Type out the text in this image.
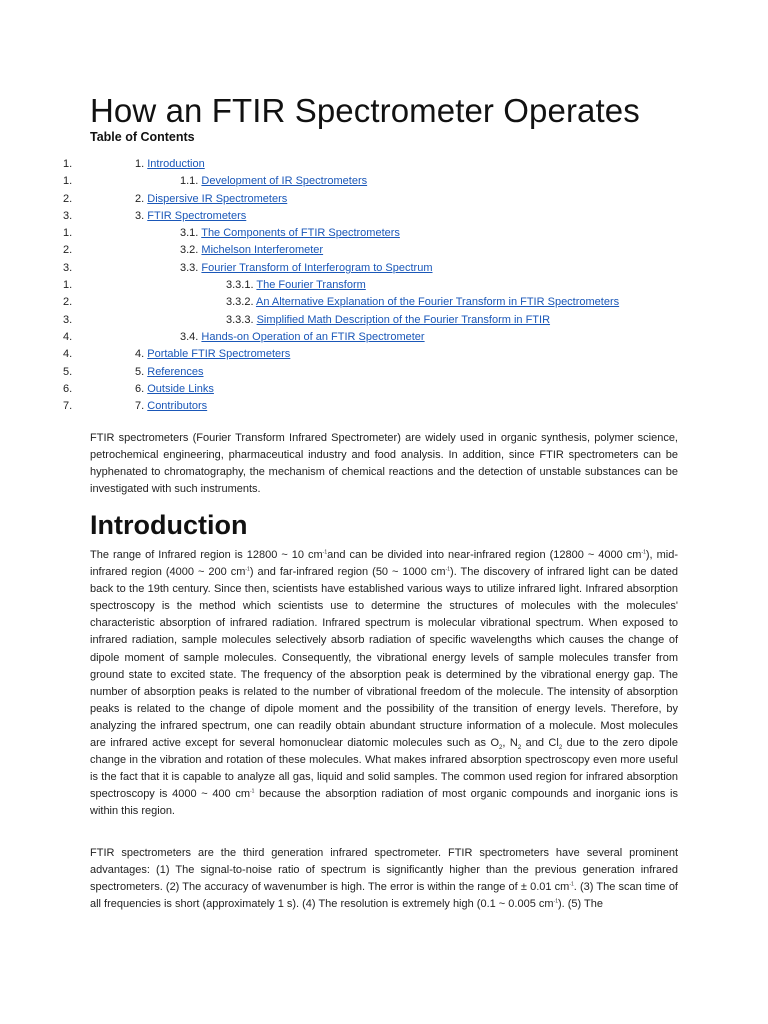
How an FTIR Spectrometer Operates
Table of Contents
1.	1. Introduction
1.	1.1. Development of IR Spectrometers
2.	2. Dispersive IR Spectrometers
3.	3. FTIR Spectrometers
1.	3.1. The Components of FTIR Spectrometers
2.	3.2. Michelson Interferometer
3.	3.3. Fourier Transform of Interferogram to Spectrum
1.	3.3.1. The Fourier Transform
2.	3.3.2. An Alternative Explanation of the Fourier Transform in FTIR Spectrometers
3.	3.3.3. Simplified Math Description of the Fourier Transform in FTIR
4.	3.4. Hands-on Operation of an FTIR Spectrometer
4.	4. Portable FTIR Spectrometers
5.	5. References
6.	6. Outside Links
7.	7. Contributors

FTIR spectrometers (Fourier Transform Infrared Spectrometer) are widely used in organic synthesis, polymer science, petrochemical engineering, pharmaceutical industry and food analysis. In addition, since FTIR spectrometers can be hyphenated to chromatography, the mechanism of chemical reactions and the detection of unstable substances can be investigated with such instruments.

Introduction

The range of Infrared region is 12800 ~ 10 $cm^{-1}and$ can be divided into near-infrared region (12800 ~ 4000 $cm^{-1}$), mid-infrared region (4000 ~ 200 $cm^{-1}$) and far-infrared region (50 ~ 1000 $cm^{-1}$). The discovery of infrared light can be dated back to the 19th century. Since then, scientists have established various ways to utilize infrared light. Infrared absorption spectroscopy is the method which scientists use to determine the structures of molecules with the molecules' characteristic absorption of infrared radiation. Infrared spectrum is molecular vibrational spectrum. When exposed to infrared radiation, sample molecules selectively absorb radiation of specific wavelengths which causes the change of dipole moment of sample molecules. Consequently, the vibrational energy levels of sample molecules transfer from ground state to excited state. The frequency of the absorption peak is determined by the vibrational energy gap. The number of absorption peaks is related to the number of vibrational freedom of the molecule. The intensity of absorption peaks is related to the change of dipole moment and the possibility of the transition of energy levels. Therefore, by analyzing the infrared spectrum, one can readily obtain abundant structure information of a molecule. Most molecules are infrared active except for several homonuclear diatomic molecules such as $O_2$, $N_2$ and $Cl_2$ due to the zero dipole change in the vibration and rotation of these molecules. What makes infrared absorption spectroscopy even more useful is the fact that it is capable to analyze all gas, liquid and solid samples. The common used region for infrared absorption spectroscopy is 4000 ~ 400 $cm^{-1}$ because the absorption radiation of most organic compounds and inorganic ions is within this region.

FTIR spectrometers are the third generation infrared spectrometer. FTIR spectrometers have several prominent advantages: (1) The signal-to-noise ratio of spectrum is significantly higher than the previous generation infrared spectrometers. (2) The accuracy of wavenumber is high. The error is within the range of ± 0.01 $cm^{-1}$. (3) The scan time of all frequencies is short (approximately 1 s). (4) The resolution is extremely high (0.1 ~ 0.005 $cm^{-1}$). (5) The
